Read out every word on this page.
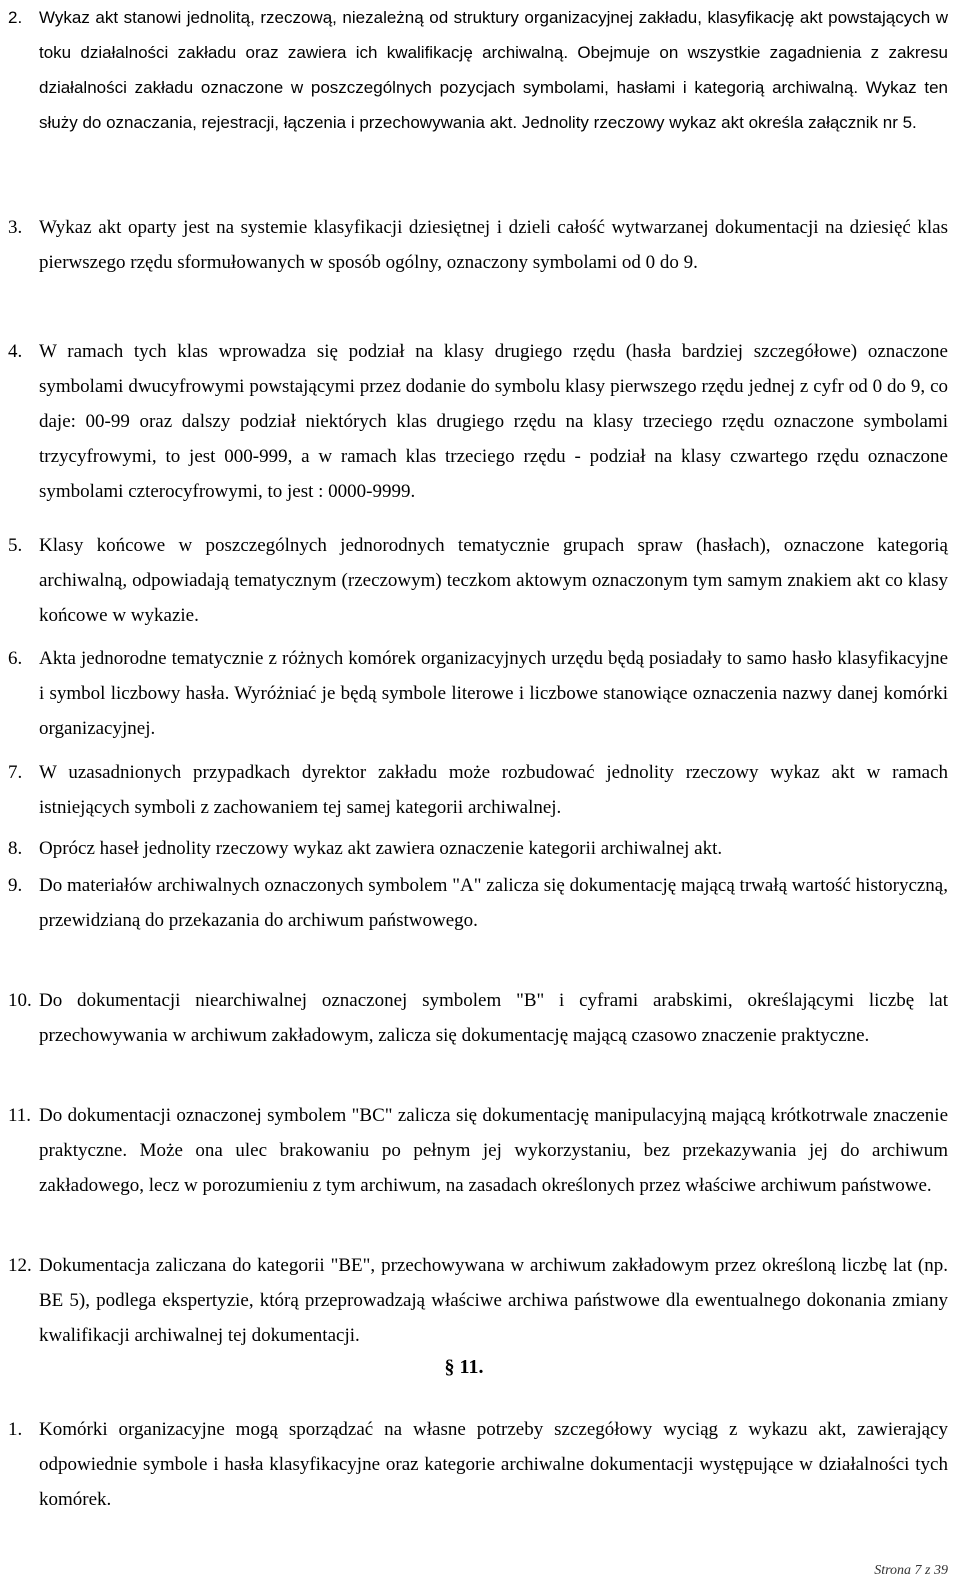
2. Wykaz akt stanowi jednolitą, rzeczową, niezależną od struktury organizacyjnej zakładu, klasyfikację akt powstających w toku działalności zakładu oraz zawiera ich kwalifikację archiwalną. Obejmuje on wszystkie zagadnienia z zakresu działalności zakładu oznaczone w poszczególnych pozycjach symbolami, hasłami i kategorią archiwalną. Wykaz ten służy do oznaczania, rejestracji, łączenia i przechowywania akt. Jednolity rzeczowy wykaz akt określa załącznik nr 5.
3. Wykaz akt oparty jest na systemie klasyfikacji dziesiętnej i dzieli całość wytwarzanej dokumentacji na dziesięć klas pierwszego rzędu sformułowanych w sposób ogólny, oznaczony symbolami od 0 do 9.
4. W ramach tych klas wprowadza się podział na klasy drugiego rzędu (hasła bardziej szczegółowe) oznaczone symbolami dwucyfrowymi powstającymi przez dodanie do symbolu klasy pierwszego rzędu jednej z cyfr od 0 do 9, co daje: 00-99 oraz dalszy podział niektórych klas drugiego rzędu na klasy trzeciego rzędu oznaczone symbolami trzycyfrowymi, to jest 000-999, a w ramach klas trzeciego rzędu - podział na klasy czwartego rzędu oznaczone symbolami czterocyfrowymi, to jest : 0000-9999.
5. Klasy końcowe w poszczególnych jednorodnych tematycznie grupach spraw (hasłach), oznaczone kategorią archiwalną, odpowiadają tematycznym (rzeczowym) teczkom aktowym oznaczonym tym samym znakiem akt co klasy końcowe w wykazie.
6. Akta jednorodne tematycznie z różnych komórek organizacyjnych urzędu będą posiadały to samo hasło klasyfikacyjne i symbol liczbowy hasła. Wyróżniać je będą symbole literowe i liczbowe stanowiące oznaczenia nazwy danej komórki organizacyjnej.
7. W uzasadnionych przypadkach dyrektor zakładu może rozbudować jednolity rzeczowy wykaz akt w ramach istniejących symboli z zachowaniem tej samej kategorii archiwalnej.
8. Oprócz haseł jednolity rzeczowy wykaz akt zawiera oznaczenie kategorii archiwalnej akt.
9. Do materiałów archiwalnych oznaczonych symbolem "A" zalicza się dokumentację mającą trwałą wartość historyczną, przewidzianą do przekazania do archiwum państwowego.
10. Do dokumentacji niearchiwalnej oznaczonej symbolem "B" i cyframi arabskimi, określającymi liczbę lat przechowywania w archiwum zakładowym, zalicza się dokumentację mającą czasowo znaczenie praktyczne.
11. Do dokumentacji oznaczonej symbolem "BC" zalicza się dokumentację manipulacyjną mającą krótkotrwale znaczenie praktyczne. Może ona ulec brakowaniu po pełnym jej wykorzystaniu, bez przekazywania jej do archiwum zakładowego, lecz w porozumieniu z tym archiwum, na zasadach określonych przez właściwe archiwum państwowe.
12. Dokumentacja zaliczana do kategorii "BE", przechowywana w archiwum zakładowym przez określoną liczbę lat (np. BE 5), podlega ekspertyzie, którą przeprowadzają właściwe archiwa państwowe dla ewentualnego dokonania zmiany kwalifikacji archiwalnej tej dokumentacji.
§ 11.
1. Komórki organizacyjne mogą sporządzać na własne potrzeby szczegółowy wyciąg z wykazu akt, zawierający odpowiednie symbole i hasła klasyfikacyjne oraz kategorie archiwalne dokumentacji występujące w działalności tych komórek.
Strona 7 z 39
